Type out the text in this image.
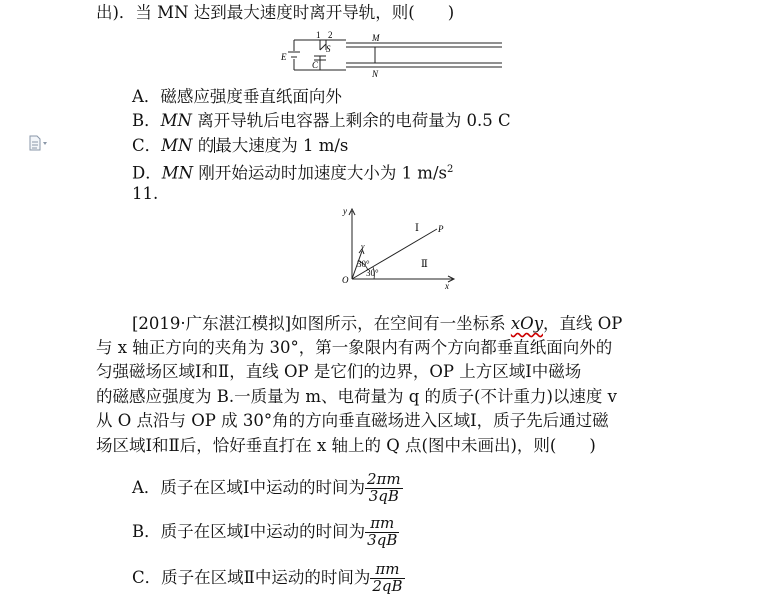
出)．当 MN 达到最大速度时离开导轨，则(　　)
1 2
S
M
E
C
N
A．磁感应强度垂直纸面向外
B．MN 离开导轨后电容器上剩余的电荷量为 0.5 C
C．MN 的最大速度为 1 m/s
D．MN 刚开始运动时加速度大小为 1 $m/s^2$
11.
y
x
O
P
v
Ⅰ
Ⅱ
30°
30°
[2019·广东湛江模拟]如图所示，在空间有一坐标系 xOy，直线 OP
与 x 轴正方向的夹角为 30°，第一象限内有两个方向都垂直纸面向外的
匀强磁场区域Ⅰ和Ⅱ，直线 OP 是它们的边界，OP 上方区域Ⅰ中磁场
的磁感应强度为 B.一质量为 m、电荷量为 q 的质子(不计重力)以速度 v
从 O 点沿与 OP 成 30°角的方向垂直磁场进入区域Ⅰ，质子先后通过磁
场区域Ⅰ和Ⅱ后，恰好垂直打在 x 轴上的 Q 点(图中未画出)，则(　　)
A．质子在区域Ⅰ中运动的时间为 $\frac{2\pi m}{3qB}$
B．质子在区域Ⅰ中运动的时间为 $\frac{\pi m}{3qB}$
C．质子在区域Ⅱ中运动的时间为 $\frac{\pi m}{2qB}$
